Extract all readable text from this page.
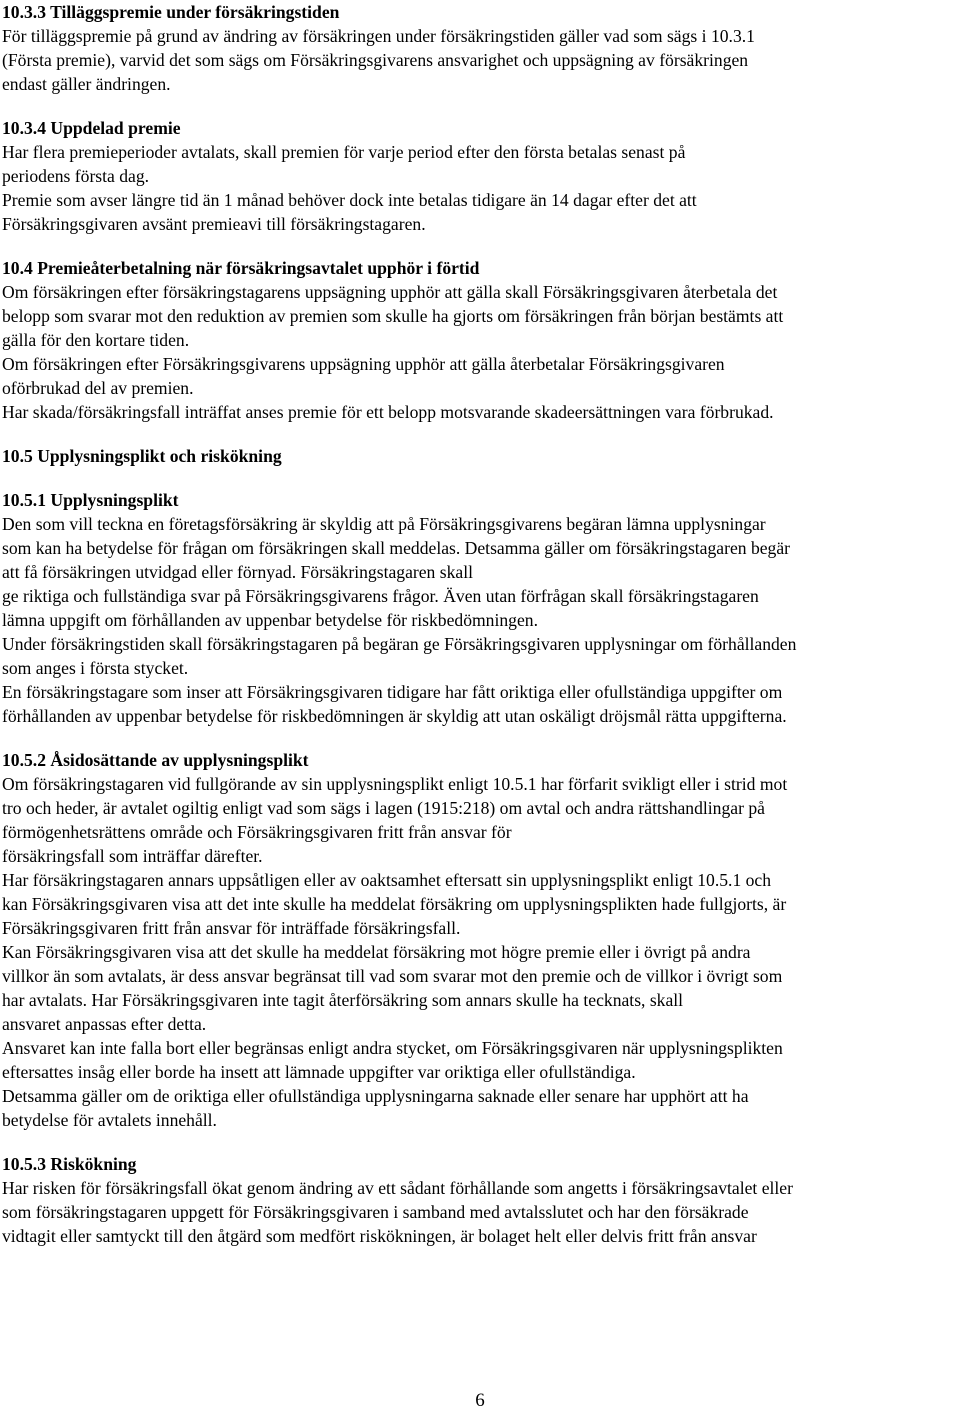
10.3.3 Tilläggspremie under försäkringstiden
För tilläggspremie på grund av ändring av försäkringen under försäkringstiden gäller vad som sägs i 10.3.1
(Första premie), varvid det som sägs om Försäkringsgivarens ansvarighet och uppsägning av försäkringen
endast gäller ändringen.
10.3.4 Uppdelad premie
Har flera premieperioder avtalats, skall premien för varje period efter den första betalas senast på
periodens första dag.
Premie som avser längre tid än 1 månad behöver dock inte betalas tidigare än 14 dagar efter det att
Försäkringsgivaren avsänt premieavi till försäkringstagaren.
10.4 Premieåterbetalning när försäkringsavtalet upphör i förtid
Om försäkringen efter försäkringstagarens uppsägning upphör att gälla skall Försäkringsgivaren återbetala det
belopp som svarar mot den reduktion av premien som skulle ha gjorts om försäkringen från början bestämts att
gälla för den kortare tiden.
Om försäkringen efter Försäkringsgivarens uppsägning upphör att gälla återbetalar Försäkringsgivaren
oförbrukad del av premien.
Har skada/försäkringsfall inträffat anses premie för ett belopp motsvarande skadeersättningen vara förbrukad.
10.5 Upplysningsplikt och riskökning
10.5.1 Upplysningsplikt
Den som vill teckna en företagsförsäkring är skyldig att på Försäkringsgivarens begäran lämna upplysningar
som kan ha betydelse för frågan om försäkringen skall meddelas. Detsamma gäller om försäkringstagaren begär
att få försäkringen utvidgad eller förnyad. Försäkringstagaren skall
ge riktiga och fullständiga svar på Försäkringsgivarens frågor. Även utan förfrågan skall försäkringstagaren
lämna uppgift om förhållanden av uppenbar betydelse för riskbedömningen.
Under försäkringstiden skall försäkringstagaren på begäran ge Försäkringsgivaren upplysningar om förhållanden
som anges i första stycket.
En försäkringstagare som inser att Försäkringsgivaren tidigare har fått oriktiga eller ofullständiga uppgifter om
förhållanden av uppenbar betydelse för riskbedömningen är skyldig att utan oskäligt dröjsmål rätta uppgifterna.
10.5.2 Åsidosättande av upplysningsplikt
Om försäkringstagaren vid fullgörande av sin upplysningsplikt enligt 10.5.1 har förfarit svikligt eller i strid mot
tro och heder, är avtalet ogiltig enligt vad som sägs i lagen (1915:218) om avtal och andra rättshandlingar på
förmögenhetsrättens område och Försäkringsgivaren fritt från ansvar för
försäkringsfall som inträffar därefter.
Har försäkringstagaren annars uppsåtligen eller av oaktsamhet eftersatt sin upplysningsplikt enligt 10.5.1 och
kan Försäkringsgivaren visa att det inte skulle ha meddelat försäkring om upplysningsplikten hade fullgjorts, är
Försäkringsgivaren fritt från ansvar för inträffade försäkringsfall.
Kan Försäkringsgivaren visa att det skulle ha meddelat försäkring mot högre premie eller i övrigt på andra
villkor än som avtalats, är dess ansvar begränsat till vad som svarar mot den premie och de villkor i övrigt som
har avtalats. Har Försäkringsgivaren inte tagit återförsäkring som annars skulle ha tecknats, skall
ansvaret anpassas efter detta.
Ansvaret kan inte falla bort eller begränsas enligt andra stycket, om Försäkringsgivaren när upplysningsplikten
eftersattes insåg eller borde ha insett att lämnade uppgifter var oriktiga eller ofullständiga.
Detsamma gäller om de oriktiga eller ofullständiga upplysningarna saknade eller senare har upphört att ha
betydelse för avtalets innehåll.
10.5.3 Riskökning
Har risken för försäkringsfall ökat genom ändring av ett sådant förhållande som angetts i försäkringsavtalet eller
som försäkringstagaren uppgett för Försäkringsgivaren i samband med avtalsslutet och har den försäkrade
vidtagit eller samtyckt till den åtgärd som medfört riskökningen, är bolaget helt eller delvis fritt från ansvar
6
